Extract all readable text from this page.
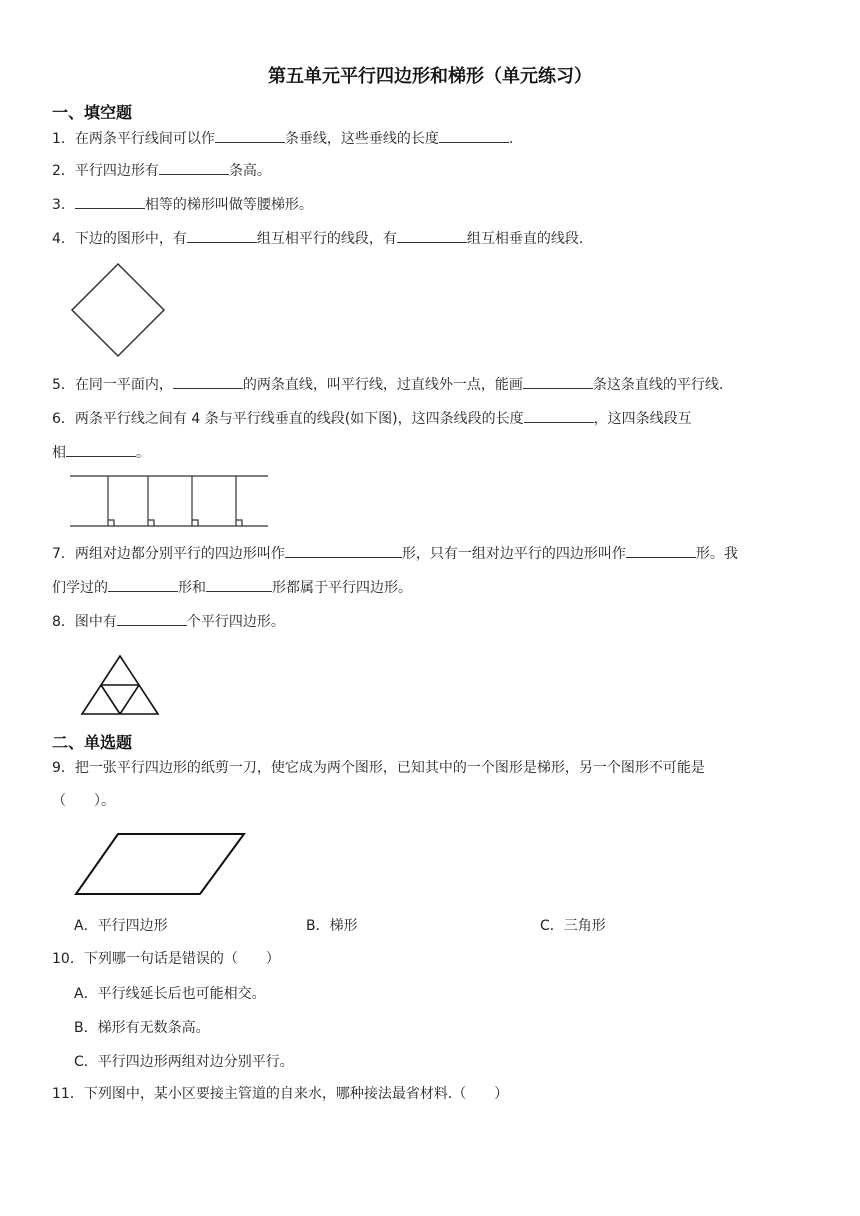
第五单元平行四边形和梯形（单元练习）
一、填空题
1．在两条平行线间可以作	条垂线，这些垂线的长度	.
2．平行四边形有	条高。
3．	相等的梯形叫做等腰梯形。
4．下边的图形中，有	组互相平行的线段，有	组互相垂直的线段.
5．在同一平面内，	的两条直线，叫平行线，过直线外一点，能画	条这条直线的平行线.
6．两条平行线之间有 4 条与平行线垂直的线段(如下图)，这四条线段的长度	，这四条线段互
相	。
7．两组对边都分别平行的四边形叫作	形，只有一组对边平行的四边形叫作	形。我
们学过的	形和	形都属于平行四边形。
8．图中有	个平行四边形。
二、单选题
9．把一张平行四边形的纸剪一刀，使它成为两个图形，已知其中的一个图形是梯形，另一个图形不可能是
（　　）。
A．平行四边形	B．梯形	C．三角形
10．下列哪一句话是错误的（　　）
A．平行线延长后也可能相交。
B．梯形有无数条高。
C．平行四边形两组对边分别平行。
11．下列图中，某小区要接主管道的自来水，哪种接法最省材料.（　　）
